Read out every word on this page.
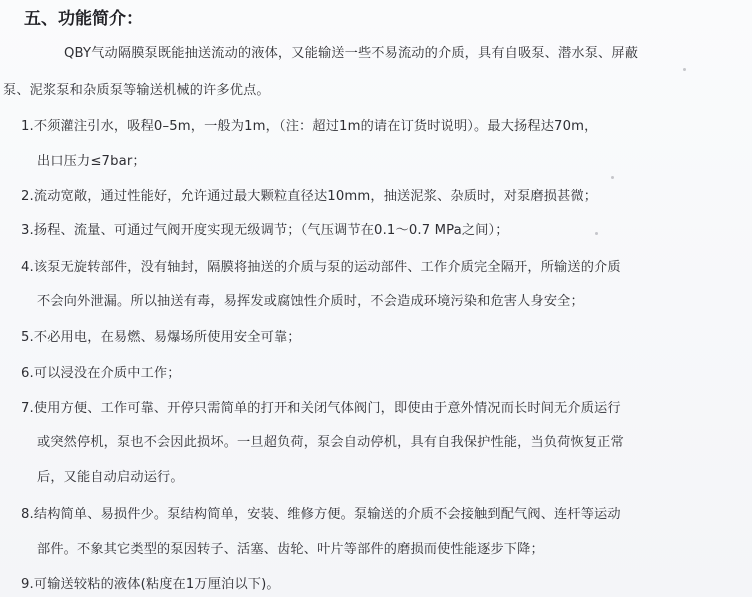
五、功能简介：
QBY气动隔膜泵既能抽送流动的液体，又能输送一些不易流动的介质，具有自吸泵、潜水泵、屏蔽
泵、泥浆泵和杂质泵等输送机械的许多优点。
1.不须灌注引水，吸程0–5m，一般为1m，（注：超过1m的请在订货时说明）。最大扬程达70m，
出口压力≤7bar；
2.流动宽敞，通过性能好，允许通过最大颗粒直径达10mm，抽送泥浆、杂质时，对泵磨损甚微；
3.扬程、流量、可通过气阀开度实现无级调节；（气压调节在0.1～0.7 MPa之间）；
4.该泵无旋转部件，没有轴封，隔膜将抽送的介质与泵的运动部件、工作介质完全隔开，所输送的介质
不会向外泄漏。所以抽送有毒，易挥发或腐蚀性介质时，不会造成环境污染和危害人身安全；
5.不必用电，在易燃、易爆场所使用安全可靠；
6.可以浸没在介质中工作；
7.使用方便、工作可靠、开停只需简单的打开和关闭气体阀门，即使由于意外情况而长时间无介质运行
或突然停机，泵也不会因此损坏。一旦超负荷，泵会自动停机，具有自我保护性能，当负荷恢复正常
后，又能自动启动运行。
8.结构简单、易损件少。泵结构简单，安装、维修方便。泵输送的介质不会接触到配气阀、连杆等运动
部件。不象其它类型的泵因转子、活塞、齿轮、叶片等部件的磨损而使性能逐步下降；
9.可输送较粘的液体(粘度在1万厘泊以下)。
